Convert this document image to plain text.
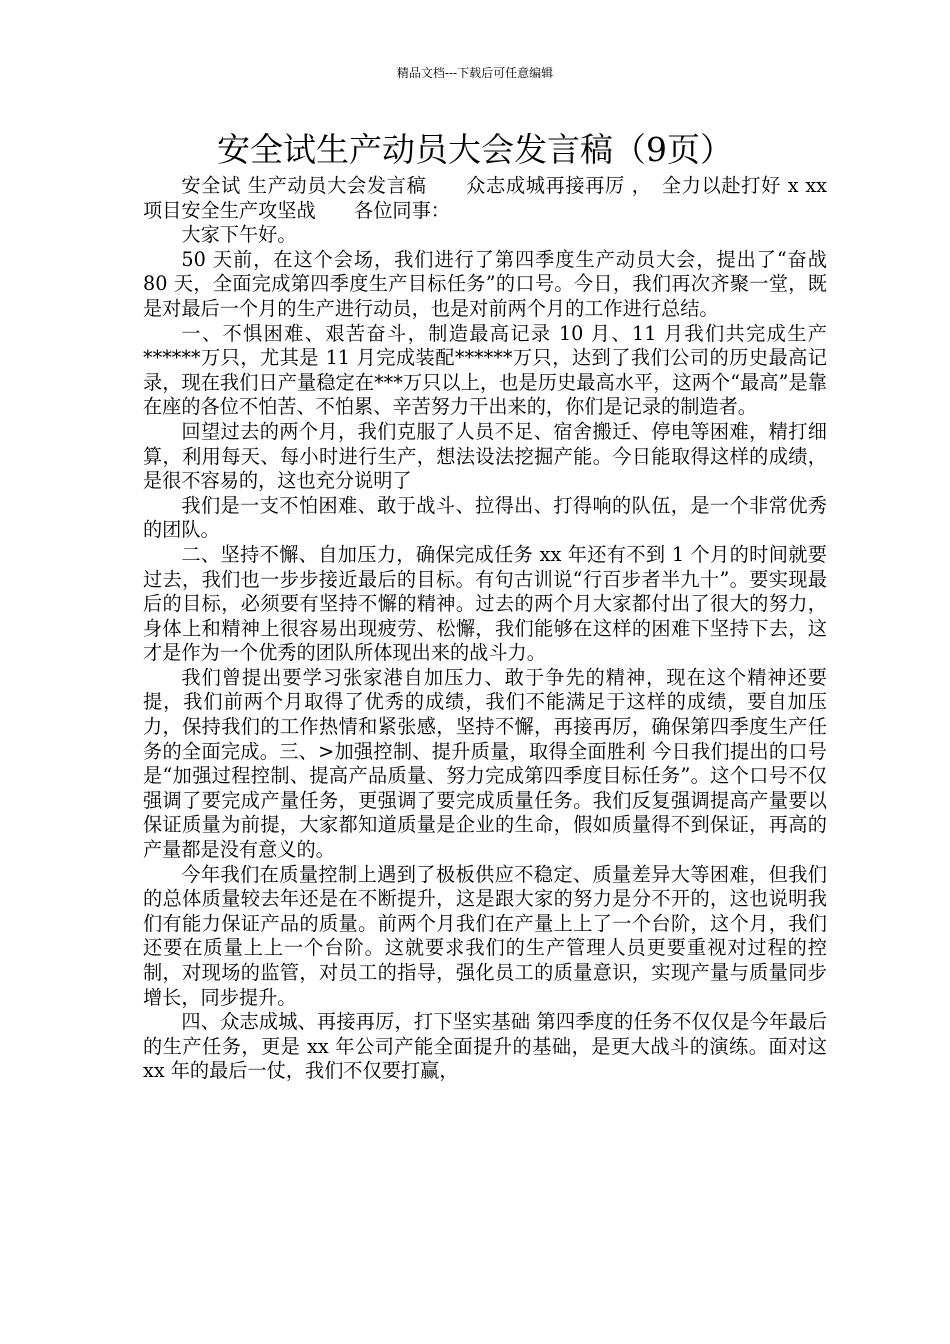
精品文档---下载后可任意编辑
安全试生产动员大会发言稿（9页）

安全试 生产动员大会发言稿　　众志成城再接再厉 ，　全力以赴打好 x xx 项目安全生产攻坚战　　各位同事：

大家下午好。

50 天前，在这个会场，我们进行了第四季度生产动员大会，提出了“奋战 80 天，全面完成第四季度生产目标任务”的口号。今日，我们再次齐聚一堂，既是对最后一个月的生产进行动员，也是对前两个月的工作进行总结。

一、不惧困难、艰苦奋斗，制造最高记录 10 月、11 月我们共完成生产******万只，尤其是 11 月完成装配******万只，达到了我们公司的历史最高记录，现在我们日产量稳定在***万只以上，也是历史最高水平，这两个“最高”是靠在座的各位不怕苦、不怕累、辛苦努力干出来的，你们是记录的制造者。

回望过去的两个月，我们克服了人员不足、宿舍搬迁、停电等困难，精打细算，利用每天、每小时进行生产，想法设法挖掘产能。今日能取得这样的成绩，是很不容易的，这也充分说明了

我们是一支不怕困难、敢于战斗、拉得出、打得响的队伍，是一个非常优秀的团队。

二、坚持不懈、自加压力，确保完成任务 xx 年还有不到 1 个月的时间就要过去，我们也一步步接近最后的目标。有句古训说“行百步者半九十”。要实现最后的目标，必须要有坚持不懈的精神。过去的两个月大家都付出了很大的努力，身体上和精神上很容易出现疲劳、松懈，我们能够在这样的困难下坚持下去，这才是作为一个优秀的团队所体现出来的战斗力。

我们曾提出要学习张家港自加压力、敢于争先的精神，现在这个精神还要提，我们前两个月取得了优秀的成绩，我们不能满足于这样的成绩，要自加压力，保持我们的工作热情和紧张感，坚持不懈，再接再厉，确保第四季度生产任务的全面完成。三、>加强控制、提升质量，取得全面胜利 今日我们提出的口号是“加强过程控制、提高产品质量、努力完成第四季度目标任务”。这个口号不仅强调了要完成产量任务，更强调了要完成质量任务。我们反复强调提高产量要以保证质量为前提，大家都知道质量是企业的生命，假如质量得不到保证，再高的产量都是没有意义的。

今年我们在质量控制上遇到了极板供应不稳定、质量差异大等困难，但我们的总体质量较去年还是在不断提升，这是跟大家的努力是分不开的，这也说明我们有能力保证产品的质量。前两个月我们在产量上上了一个台阶，这个月，我们还要在质量上上一个台阶。这就要求我们的生产管理人员更要重视对过程的控制，对现场的监管，对员工的指导，强化员工的质量意识，实现产量与质量同步增长，同步提升。

四、众志成城、再接再厉，打下坚实基础 第四季度的任务不仅仅是今年最后的生产任务，更是 xx 年公司产能全面提升的基础，是更大战斗的演练。面对这 xx 年的最后一仗，我们不仅要打赢，
